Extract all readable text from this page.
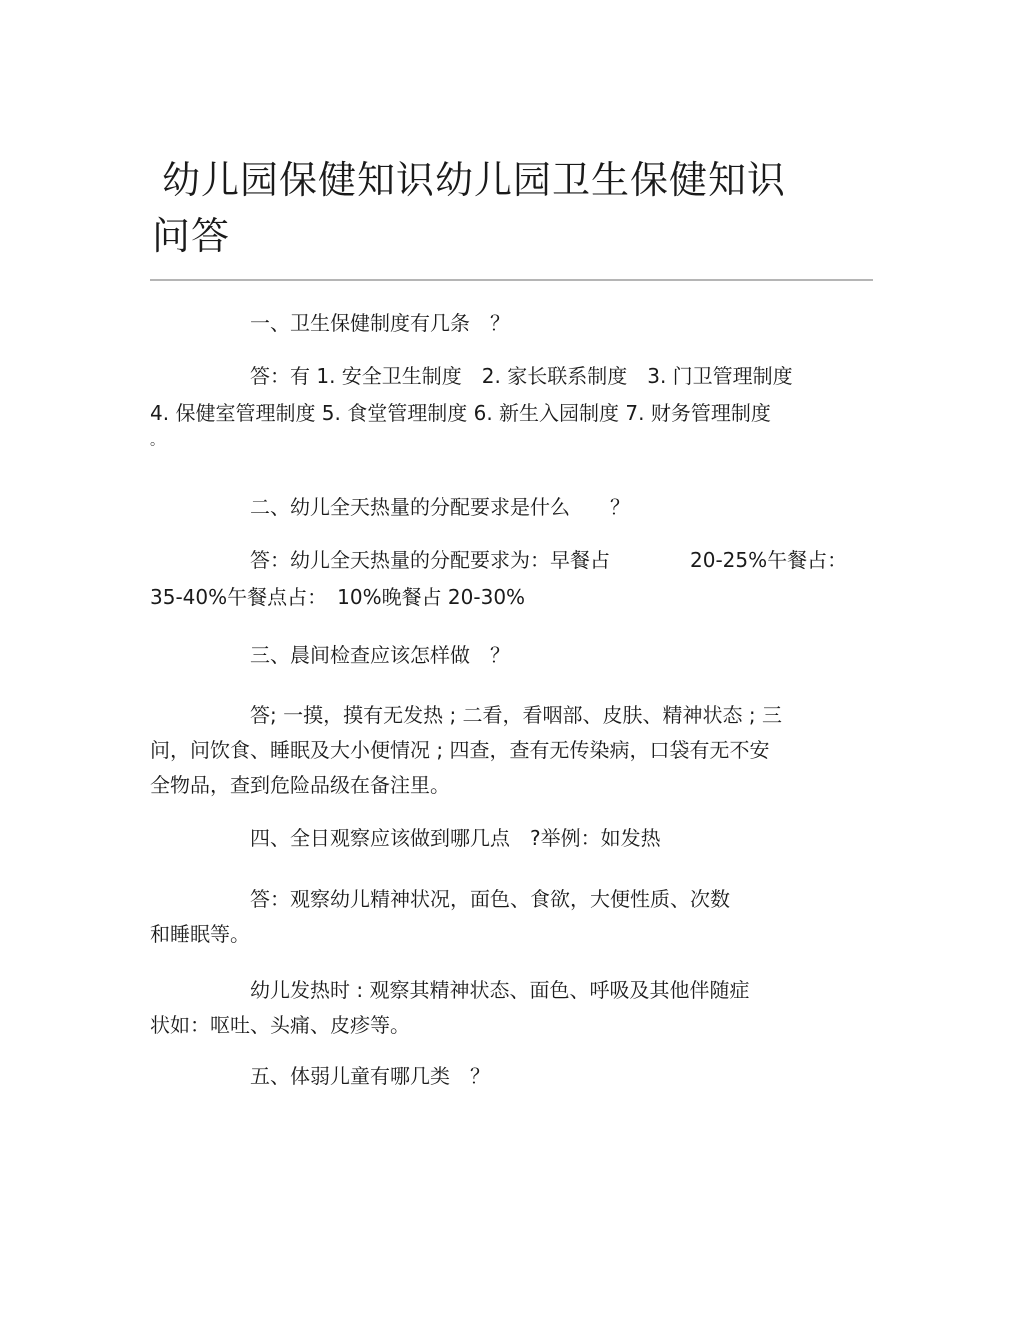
幼儿园保健知识幼儿园卫生保健知识
问答

一、卫生保健制度有几条　？

答：有 1. 安全卫生制度　2. 家长联系制度　3. 门卫管理制度
4. 保健室管理制度 5. 食堂管理制度 6. 新生入园制度 7. 财务管理制度
。

二、幼儿全天热量的分配要求是什么　　？

答：幼儿全天热量的分配要求为：早餐占　　　　20-25%午餐占：
35-40%午餐点占：　10%晚餐占 20-30%

三、晨间检查应该怎样做　？

答; 一摸，摸有无发热 ; 二看，看咽部、皮肤、精神状态 ; 三
问，问饮食、睡眠及大小便情况 ; 四查，查有无传染病，口袋有无不安
全物品，查到危险品级在备注里。

四、全日观察应该做到哪几点　?举例：如发热

答：观察幼儿精神状况，面色、食欲，大便性质、次数
和睡眠等。

幼儿发热时 : 观察其精神状态、面色、呼吸及其他伴随症
状如：呕吐、头痛、皮疹等。

五、体弱儿童有哪几类　？
